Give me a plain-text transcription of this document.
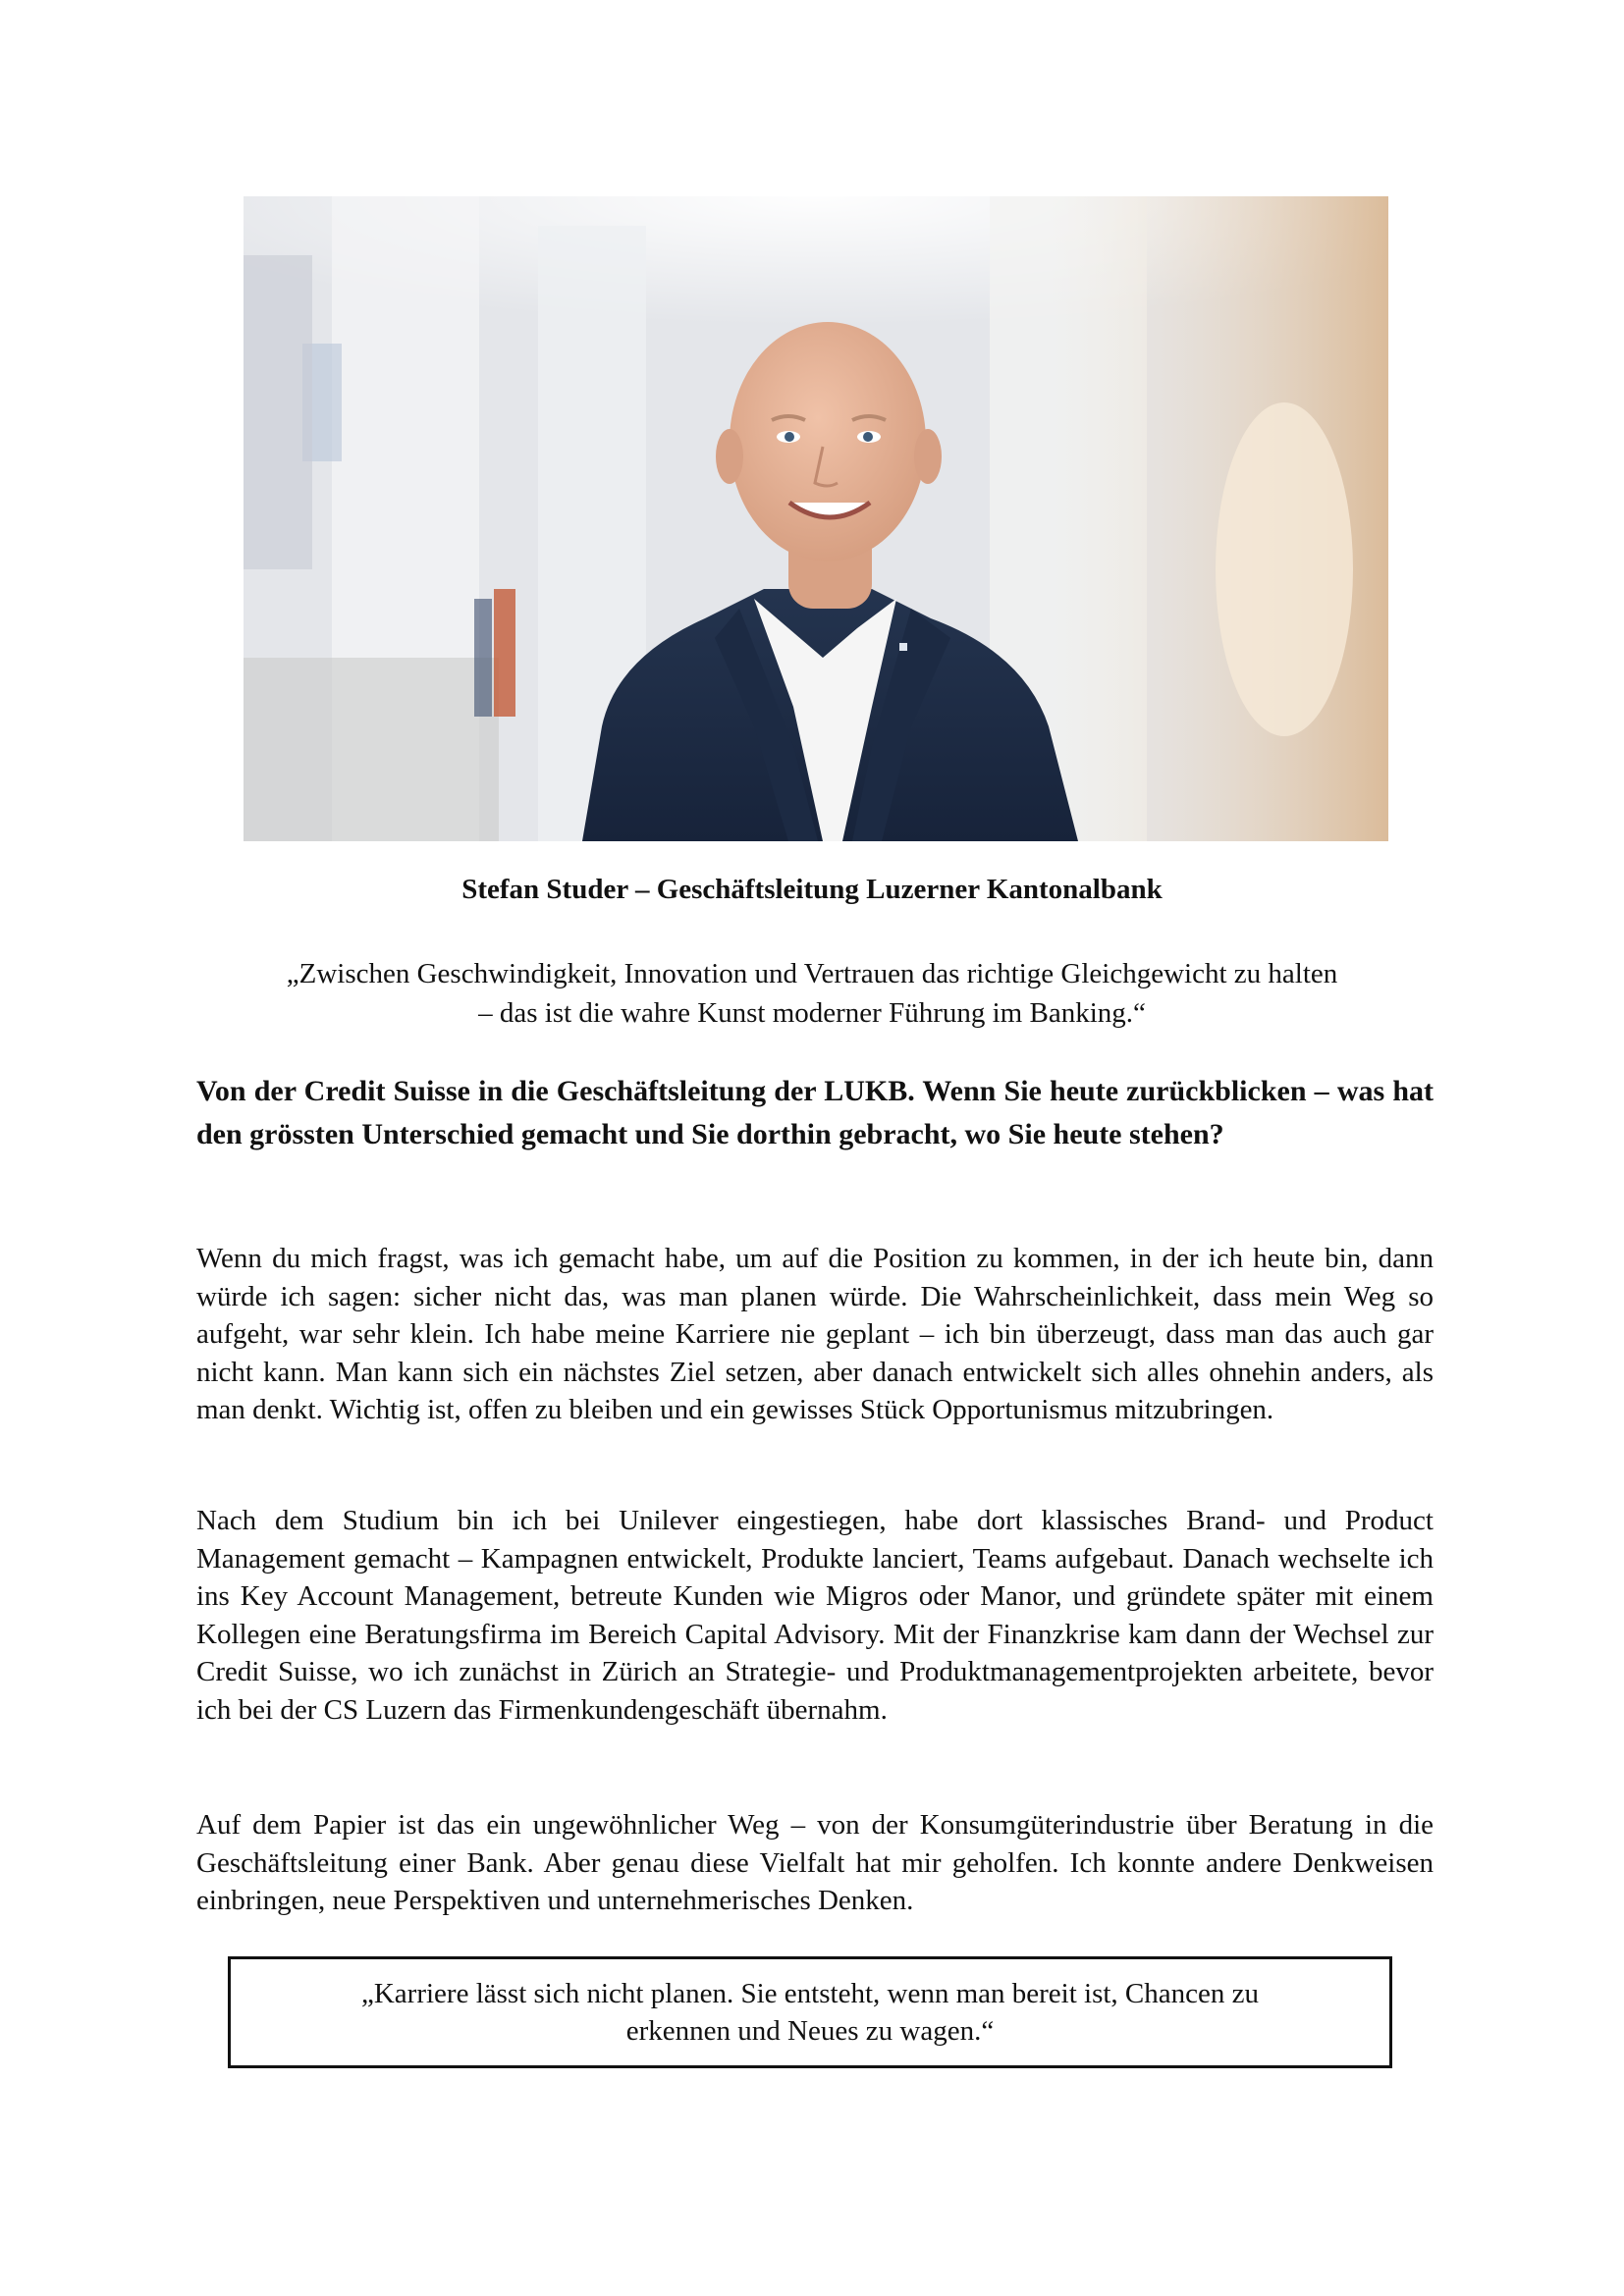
Stefan Studer – Geschäftsleitung Luzerner Kantonalbank
„Zwischen Geschwindigkeit, Innovation und Vertrauen das richtige Gleichgewicht zu halten
– das ist die wahre Kunst moderner Führung im Banking.“
Von der Credit Suisse in die Geschäftsleitung der LUKB. Wenn Sie heute zurückblicken – was hat den grössten Unterschied gemacht und Sie dorthin gebracht, wo Sie heute stehen?
Wenn du mich fragst, was ich gemacht habe, um auf die Position zu kommen, in der ich heute bin, dann würde ich sagen: sicher nicht das, was man planen würde. Die Wahrscheinlichkeit, dass mein Weg so aufgeht, war sehr klein. Ich habe meine Karriere nie geplant – ich bin überzeugt, dass man das auch gar nicht kann. Man kann sich ein nächstes Ziel setzen, aber danach entwickelt sich alles ohnehin anders, als man denkt. Wichtig ist, offen zu bleiben und ein gewisses Stück Opportunismus mitzubringen.
Nach dem Studium bin ich bei Unilever eingestiegen, habe dort klassisches Brand- und Product Management gemacht – Kampagnen entwickelt, Produkte lanciert, Teams aufgebaut. Danach wechselte ich ins Key Account Management, betreute Kunden wie Migros oder Manor, und gründete später mit einem Kollegen eine Beratungsfirma im Bereich Capital Advisory. Mit der Finanzkrise kam dann der Wechsel zur Credit Suisse, wo ich zunächst in Zürich an Strategie- und Produktmanagementprojekten arbeitete, bevor ich bei der CS Luzern das Firmenkundengeschäft übernahm.
Auf dem Papier ist das ein ungewöhnlicher Weg – von der Konsumgüterindustrie über Beratung in die Geschäftsleitung einer Bank. Aber genau diese Vielfalt hat mir geholfen. Ich konnte andere Denkweisen einbringen, neue Perspektiven und unternehmerisches Denken.
„Karriere lässt sich nicht planen. Sie entsteht, wenn man bereit ist, Chancen zu
erkennen und Neues zu wagen.“
